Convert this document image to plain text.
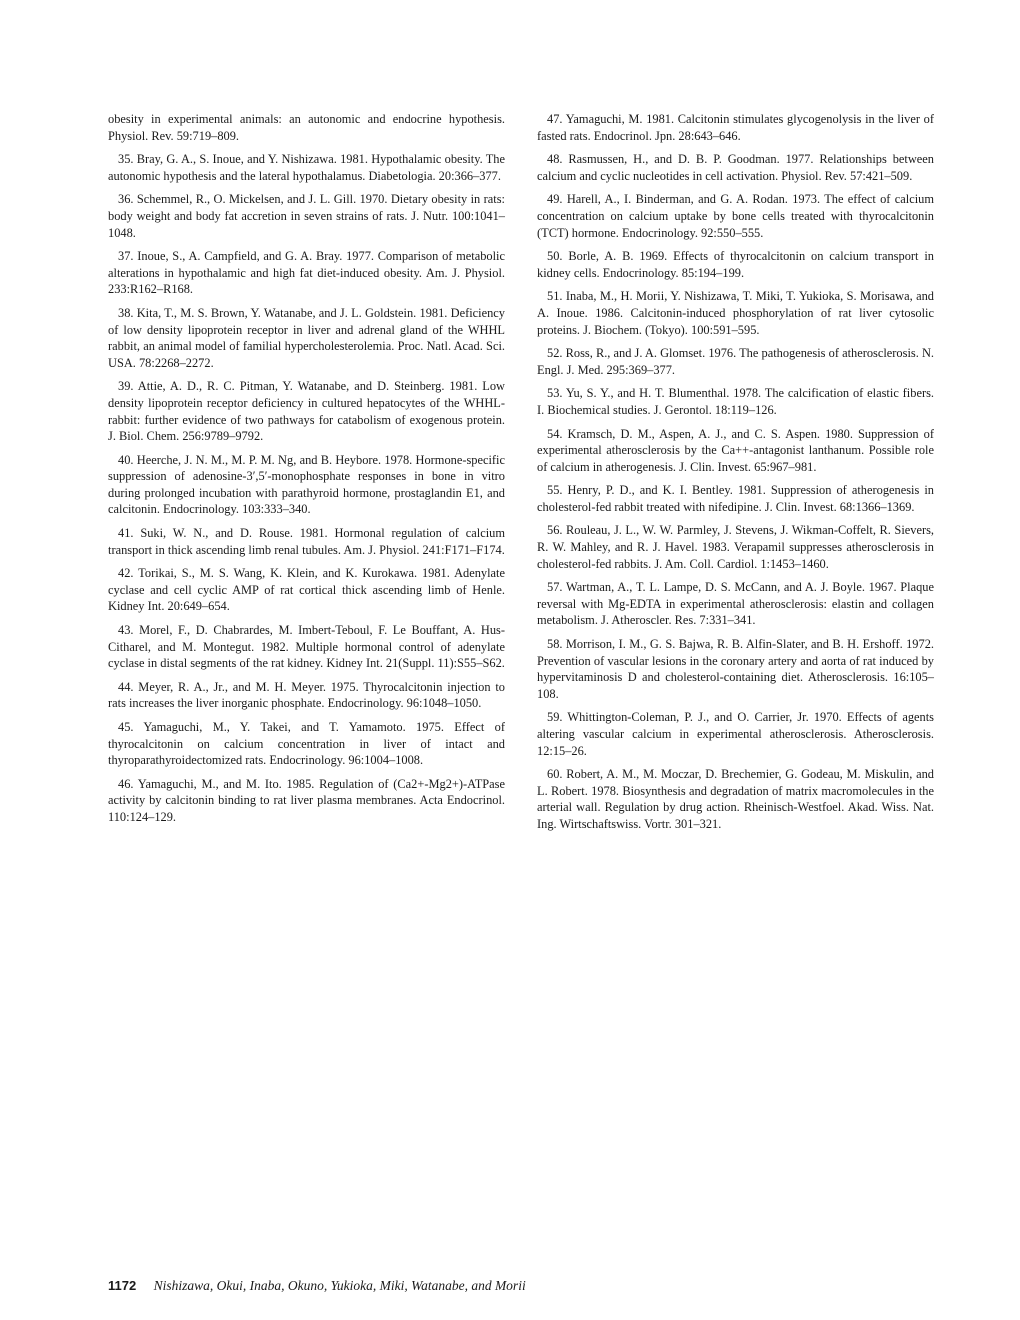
obesity in experimental animals: an autonomic and endocrine hypothesis. Physiol. Rev. 59:719–809.

35. Bray, G. A., S. Inoue, and Y. Nishizawa. 1981. Hypothalamic obesity. The autonomic hypothesis and the lateral hypothalamus. Diabetologia. 20:366–377.

36. Schemmel, R., O. Mickelsen, and J. L. Gill. 1970. Dietary obesity in rats: body weight and body fat accretion in seven strains of rats. J. Nutr. 100:1041–1048.

37. Inoue, S., A. Campfield, and G. A. Bray. 1977. Comparison of metabolic alterations in hypothalamic and high fat diet-induced obesity. Am. J. Physiol. 233:R162–R168.

38. Kita, T., M. S. Brown, Y. Watanabe, and J. L. Goldstein. 1981. Deficiency of low density lipoprotein receptor in liver and adrenal gland of the WHHL rabbit, an animal model of familial hypercholesterolemia. Proc. Natl. Acad. Sci. USA. 78:2268–2272.

39. Attie, A. D., R. C. Pitman, Y. Watanabe, and D. Steinberg. 1981. Low density lipoprotein receptor deficiency in cultured hepatocytes of the WHHL-rabbit: further evidence of two pathways for catabolism of exogenous protein. J. Biol. Chem. 256:9789–9792.

40. Heerche, J. N. M., M. P. M. Ng, and B. Heybore. 1978. Hormone-specific suppression of adenosine-3′,5′-monophosphate responses in bone in vitro during prolonged incubation with parathyroid hormone, prostaglandin E1, and calcitonin. Endocrinology. 103:333–340.

41. Suki, W. N., and D. Rouse. 1981. Hormonal regulation of calcium transport in thick ascending limb renal tubules. Am. J. Physiol. 241:F171–F174.

42. Torikai, S., M. S. Wang, K. Klein, and K. Kurokawa. 1981. Adenylate cyclase and cell cyclic AMP of rat cortical thick ascending limb of Henle. Kidney Int. 20:649–654.

43. Morel, F., D. Chabrardes, M. Imbert-Teboul, F. Le Bouffant, A. Hus-Citharel, and M. Montegut. 1982. Multiple hormonal control of adenylate cyclase in distal segments of the rat kidney. Kidney Int. 21(Suppl. 11):S55–S62.

44. Meyer, R. A., Jr., and M. H. Meyer. 1975. Thyrocalcitonin injection to rats increases the liver inorganic phosphate. Endocrinology. 96:1048–1050.

45. Yamaguchi, M., Y. Takei, and T. Yamamoto. 1975. Effect of thyrocalcitonin on calcium concentration in liver of intact and thyroparathyroidectomized rats. Endocrinology. 96:1004–1008.

46. Yamaguchi, M., and M. Ito. 1985. Regulation of (Ca2+-Mg2+)-ATPase activity by calcitonin binding to rat liver plasma membranes. Acta Endocrinol. 110:124–129.

47. Yamaguchi, M. 1981. Calcitonin stimulates glycogenolysis in the liver of fasted rats. Endocrinol. Jpn. 28:643–646.

48. Rasmussen, H., and D. B. P. Goodman. 1977. Relationships between calcium and cyclic nucleotides in cell activation. Physiol. Rev. 57:421–509.

49. Harell, A., I. Binderman, and G. A. Rodan. 1973. The effect of calcium concentration on calcium uptake by bone cells treated with thyrocalcitonin (TCT) hormone. Endocrinology. 92:550–555.

50. Borle, A. B. 1969. Effects of thyrocalcitonin on calcium transport in kidney cells. Endocrinology. 85:194–199.

51. Inaba, M., H. Morii, Y. Nishizawa, T. Miki, T. Yukioka, S. Morisawa, and A. Inoue. 1986. Calcitonin-induced phosphorylation of rat liver cytosolic proteins. J. Biochem. (Tokyo). 100:591–595.

52. Ross, R., and J. A. Glomset. 1976. The pathogenesis of atherosclerosis. N. Engl. J. Med. 295:369–377.

53. Yu, S. Y., and H. T. Blumenthal. 1978. The calcification of elastic fibers. I. Biochemical studies. J. Gerontol. 18:119–126.

54. Kramsch, D. M., Aspen, A. J., and C. S. Aspen. 1980. Suppression of experimental atherosclerosis by the Ca++-antagonist lanthanum. Possible role of calcium in atherogenesis. J. Clin. Invest. 65:967–981.

55. Henry, P. D., and K. I. Bentley. 1981. Suppression of atherogenesis in cholesterol-fed rabbit treated with nifedipine. J. Clin. Invest. 68:1366–1369.

56. Rouleau, J. L., W. W. Parmley, J. Stevens, J. Wikman-Coffelt, R. Sievers, R. W. Mahley, and R. J. Havel. 1983. Verapamil suppresses atherosclerosis in cholesterol-fed rabbits. J. Am. Coll. Cardiol. 1:1453–1460.

57. Wartman, A., T. L. Lampe, D. S. McCann, and A. J. Boyle. 1967. Plaque reversal with Mg-EDTA in experimental atherosclerosis: elastin and collagen metabolism. J. Atheroscler. Res. 7:331–341.

58. Morrison, I. M., G. S. Bajwa, R. B. Alfin-Slater, and B. H. Ershoff. 1972. Prevention of vascular lesions in the coronary artery and aorta of rat induced by hypervitaminosis D and cholesterol-containing diet. Atherosclerosis. 16:105–108.

59. Whittington-Coleman, P. J., and O. Carrier, Jr. 1970. Effects of agents altering vascular calcium in experimental atherosclerosis. Atherosclerosis. 12:15–26.

60. Robert, A. M., M. Moczar, D. Brechemier, G. Godeau, M. Miskulin, and L. Robert. 1978. Biosynthesis and degradation of matrix macromolecules in the arterial wall. Regulation by drug action. Rheinisch-Westfoel. Akad. Wiss. Nat. Ing. Wirtschaftswiss. Vortr. 301–321.

1172 Nishizawa, Okui, Inaba, Okuno, Yukioka, Miki, Watanabe, and Morii
